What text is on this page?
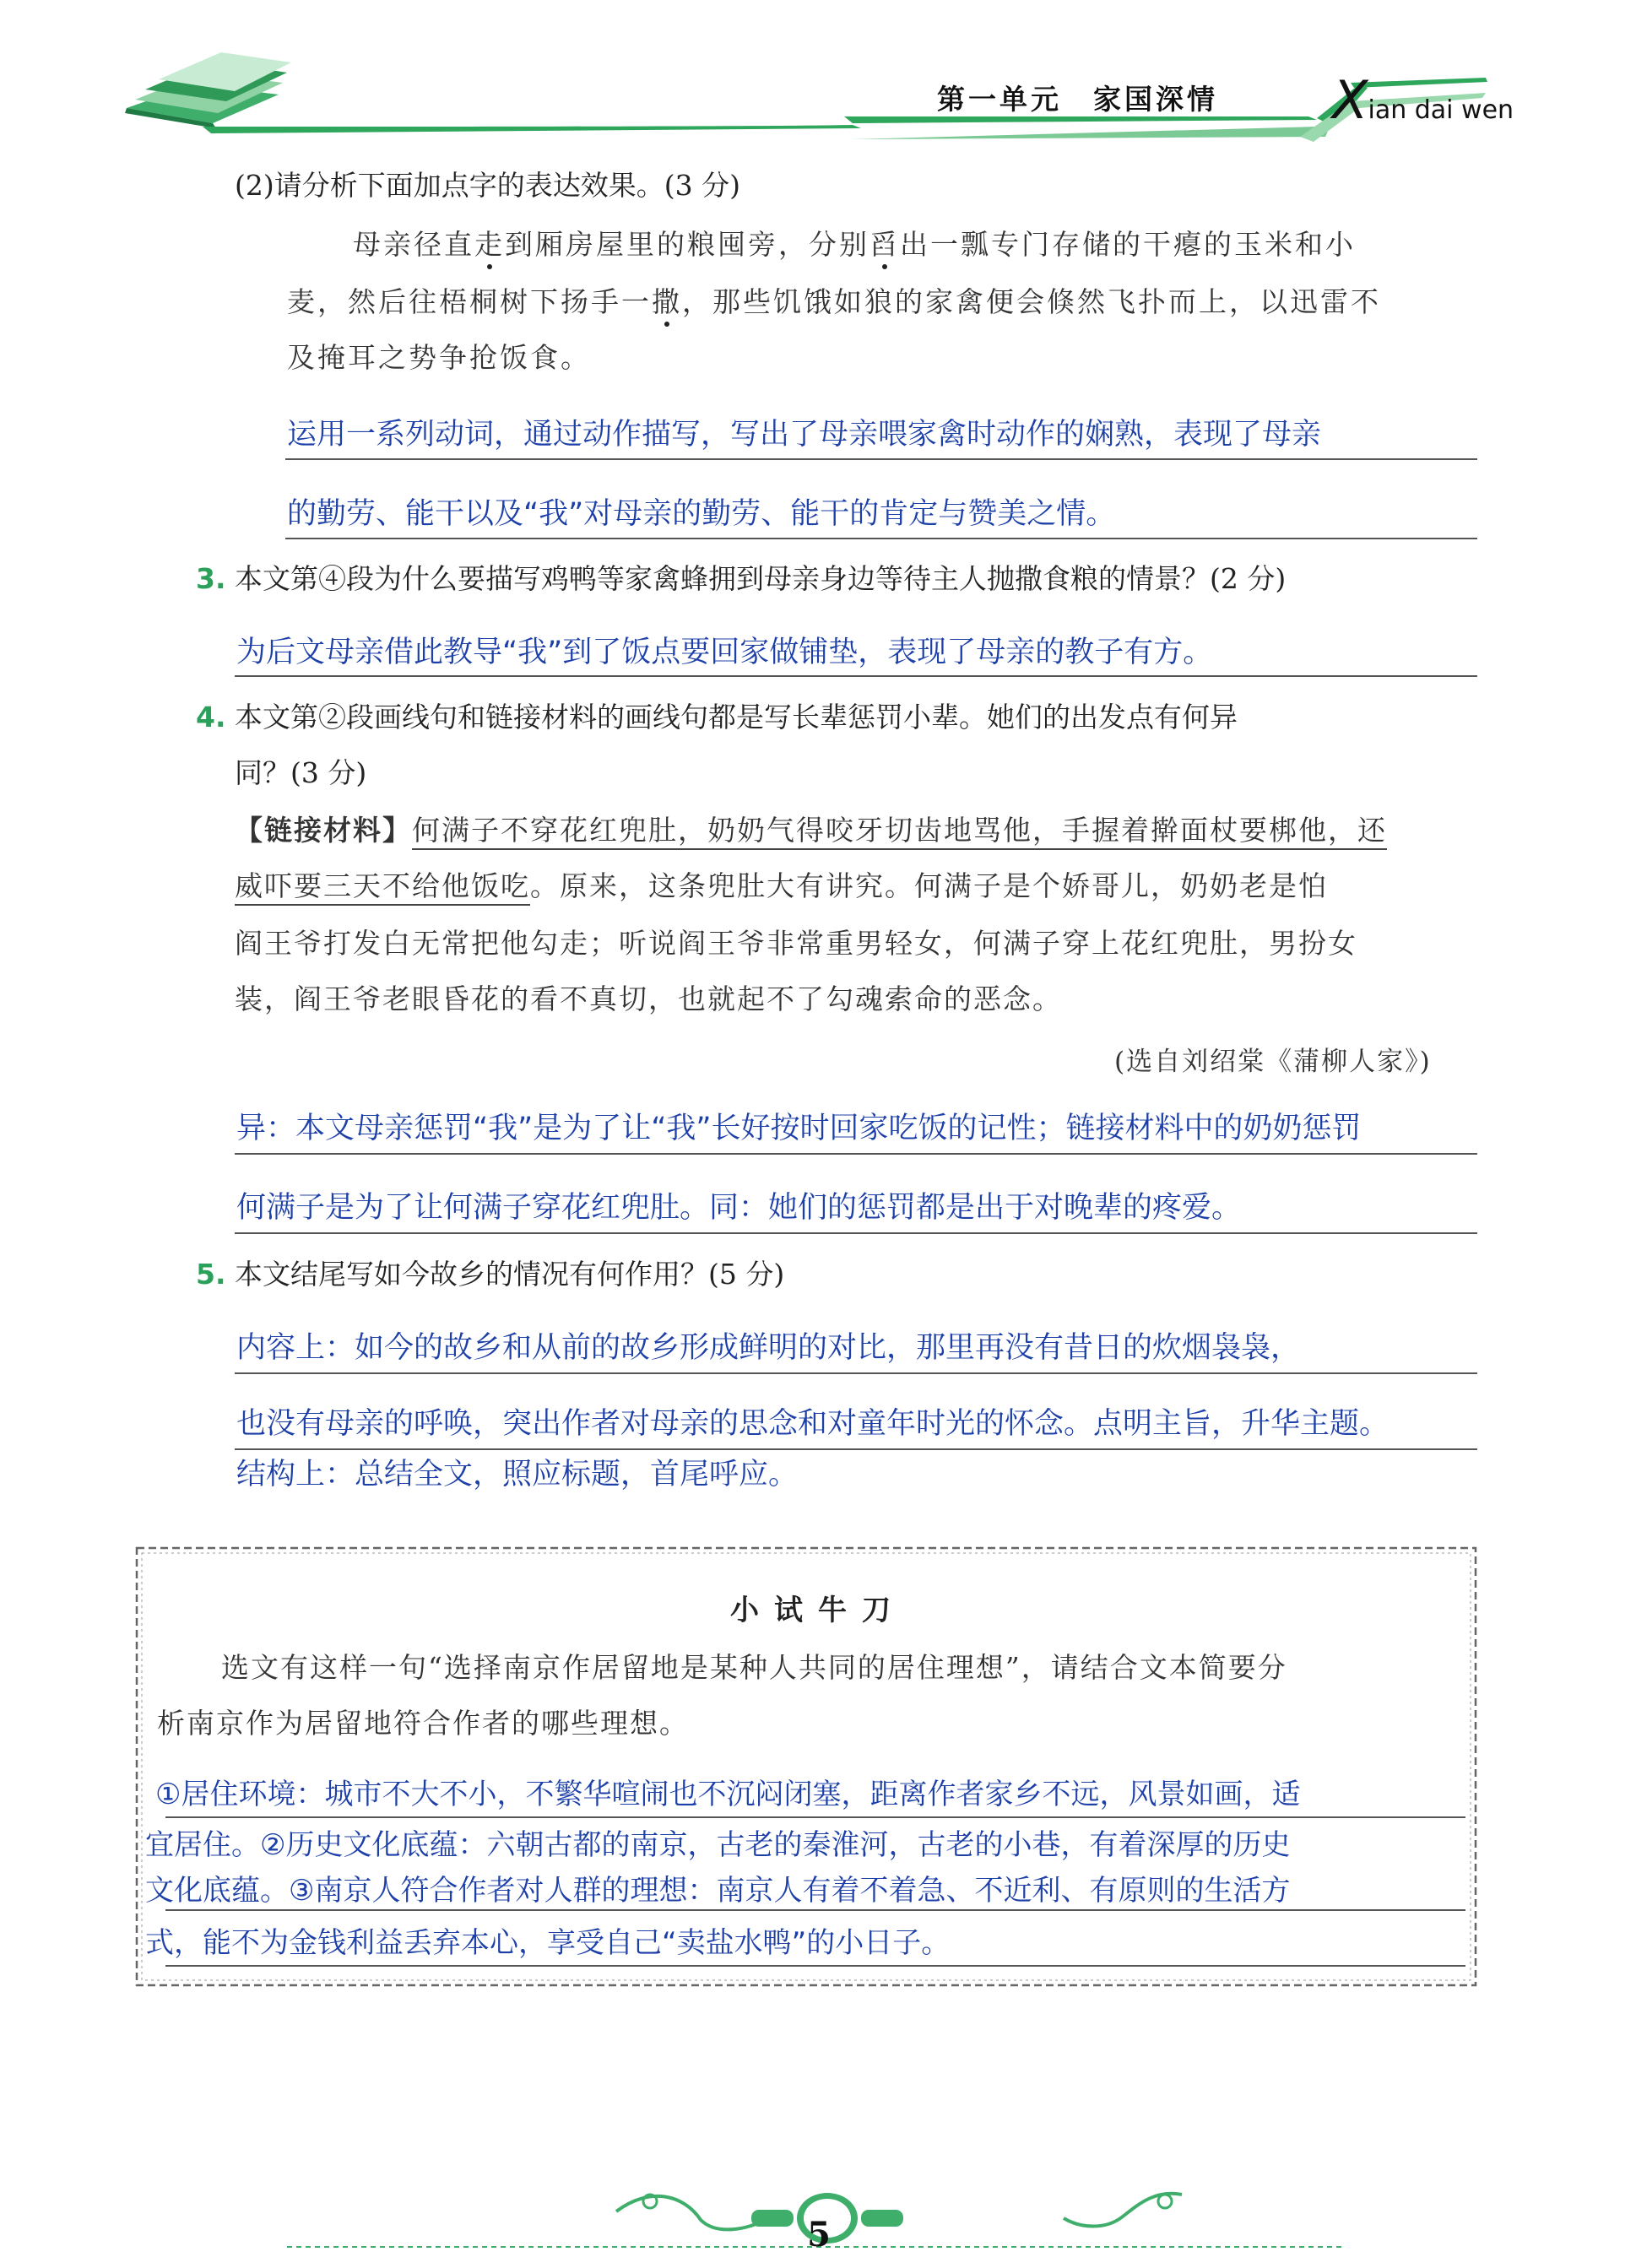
第一单元　家国深情 Xian dai wen
(2)请分析下面加点字的表达效果。(3 分)
母亲径直走到厢房屋里的粮囤旁，分别舀出一瓢专门存储的干瘪的玉米和小
麦，然后往梧桐树下扬手一撒，那些饥饿如狼的家禽便会倏然飞扑而上，以迅雷不
及掩耳之势争抢饭食。
运用一系列动词，通过动作描写，写出了母亲喂家禽时动作的娴熟，表现了母亲
的勤劳、能干以及“我”对母亲的勤劳、能干的肯定与赞美之情。
3. 本文第④段为什么要描写鸡鸭等家禽蜂拥到母亲身边等待主人抛撒食粮的情景？(2 分)
为后文母亲借此教导“我”到了饭点要回家做铺垫，表现了母亲的教子有方。
4. 本文第②段画线句和链接材料的画线句都是写长辈惩罚小辈。她们的出发点有何异
同？(3 分)
【链接材料】何满子不穿花红兜肚，奶奶气得咬牙切齿地骂他，手握着擀面杖要梆他，还
威吓要三天不给他饭吃。原来，这条兜肚大有讲究。何满子是个娇哥儿，奶奶老是怕
阎王爷打发白无常把他勾走；听说阎王爷非常重男轻女，何满子穿上花红兜肚，男扮女
装，阎王爷老眼昏花的看不真切，也就起不了勾魂索命的恶念。
(选自刘绍棠《蒲柳人家》)
异：本文母亲惩罚“我”是为了让“我”长好按时回家吃饭的记性；链接材料中的奶奶惩罚
何满子是为了让何满子穿花红兜肚。同：她们的惩罚都是出于对晚辈的疼爱。
5. 本文结尾写如今故乡的情况有何作用？(5 分)
内容上：如今的故乡和从前的故乡形成鲜明的对比，那里再没有昔日的炊烟袅袅，
也没有母亲的呼唤，突出作者对母亲的思念和对童年时光的怀念。点明主旨，升华主题。
结构上：总结全文，照应标题，首尾呼应。
小试牛刀
选文有这样一句“选择南京作居留地是某种人共同的居住理想”，请结合文本简要分
析南京作为居留地符合作者的哪些理想。
①居住环境：城市不大不小，不繁华喧闹也不沉闷闭塞，距离作者家乡不远，风景如画，适
宜居住。②历史文化底蕴：六朝古都的南京，古老的秦淮河，古老的小巷，有着深厚的历史
文化底蕴。③南京人符合作者对人群的理想：南京人有着不着急、不近利、有原则的生活方
式，能不为金钱利益丢弃本心，享受自己“卖盐水鸭”的小日子。
5
